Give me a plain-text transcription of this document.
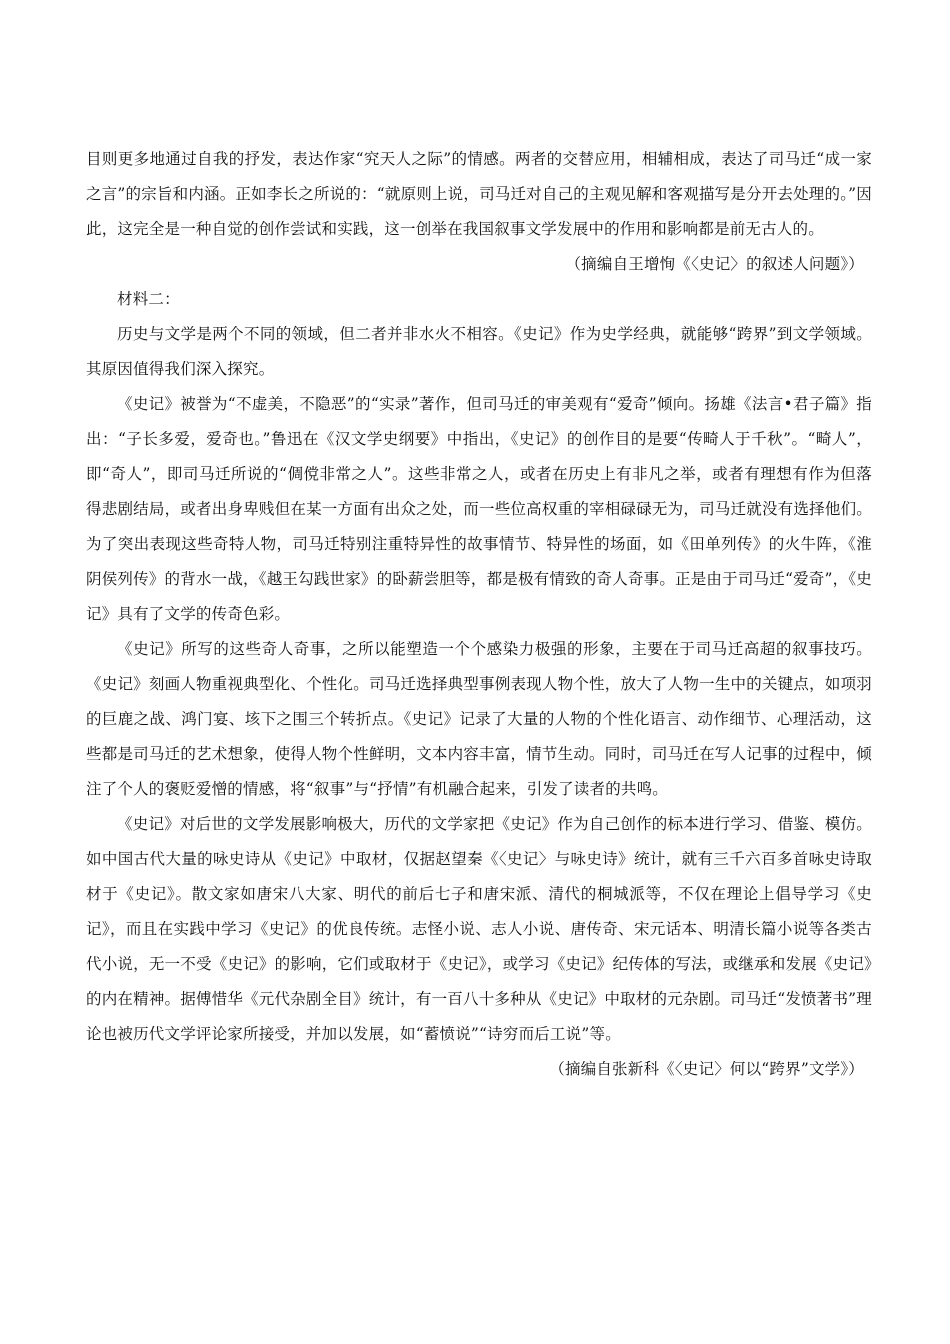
目则更多地通过自我的抒发，表达作家“究天人之际”的情感。两者的交替应用，相辅相成，表达了司马迁“成一家之言”的宗旨和内涵。正如李长之所说的：“就原则上说，司马迁对自己的主观见解和客观描写是分开去处理的。”因此，这完全是一种自觉的创作尝试和实践，这一创举在我国叙事文学发展中的作用和影响都是前无古人的。

（摘编自王增恂《〈史记〉的叙述人问题》）

材料二：

历史与文学是两个不同的领域，但二者并非水火不相容。《史记》作为史学经典，就能够“跨界”到文学领域。其原因值得我们深入探究。

《史记》被誉为“不虚美，不隐恶”的“实录”著作，但司马迁的审美观有“爱奇”倾向。扬雄《法言•君子篇》指出：“子长多爱，爱奇也。”鲁迅在《汉文学史纲要》中指出，《史记》的创作目的是要“传畸人于千秋”。“畸人”，即“奇人”，即司马迁所说的“倜傥非常之人”。这些非常之人，或者在历史上有非凡之举，或者有理想有作为但落得悲剧结局，或者出身卑贱但在某一方面有出众之处，而一些位高权重的宰相碌碌无为，司马迁就没有选择他们。为了突出表现这些奇特人物，司马迁特别注重特异性的故事情节、特异性的场面，如《田单列传》的火牛阵，《淮阴侯列传》的背水一战，《越王勾践世家》的卧薪尝胆等，都是极有情致的奇人奇事。正是由于司马迁“爱奇”，《史记》具有了文学的传奇色彩。

《史记》所写的这些奇人奇事，之所以能塑造一个个感染力极强的形象，主要在于司马迁高超的叙事技巧。《史记》刻画人物重视典型化、个性化。司马迁选择典型事例表现人物个性，放大了人物一生中的关键点，如项羽的巨鹿之战、鸿门宴、垓下之围三个转折点。《史记》记录了大量的人物的个性化语言、动作细节、心理活动，这些都是司马迁的艺术想象，使得人物个性鲜明，文本内容丰富，情节生动。同时，司马迁在写人记事的过程中，倾注了个人的褒贬爱憎的情感，将“叙事”与“抒情”有机融合起来，引发了读者的共鸣。

《史记》对后世的文学发展影响极大，历代的文学家把《史记》作为自己创作的标本进行学习、借鉴、模仿。如中国古代大量的咏史诗从《史记》中取材，仅据赵望秦《〈史记〉与咏史诗》统计，就有三千六百多首咏史诗取材于《史记》。散文家如唐宋八大家、明代的前后七子和唐宋派、清代的桐城派等，不仅在理论上倡导学习《史记》，而且在实践中学习《史记》的优良传统。志怪小说、志人小说、唐传奇、宋元话本、明清长篇小说等各类古代小说，无一不受《史记》的影响，它们或取材于《史记》，或学习《史记》纪传体的写法，或继承和发展《史记》的内在精神。据傅惜华《元代杂剧全目》统计，有一百八十多种从《史记》中取材的元杂剧。司马迁“发愤著书”理论也被历代文学评论家所接受，并加以发展，如“蓄愤说”“诗穷而后工说”等。

（摘编自张新科《〈史记〉何以“跨界”文学》）
